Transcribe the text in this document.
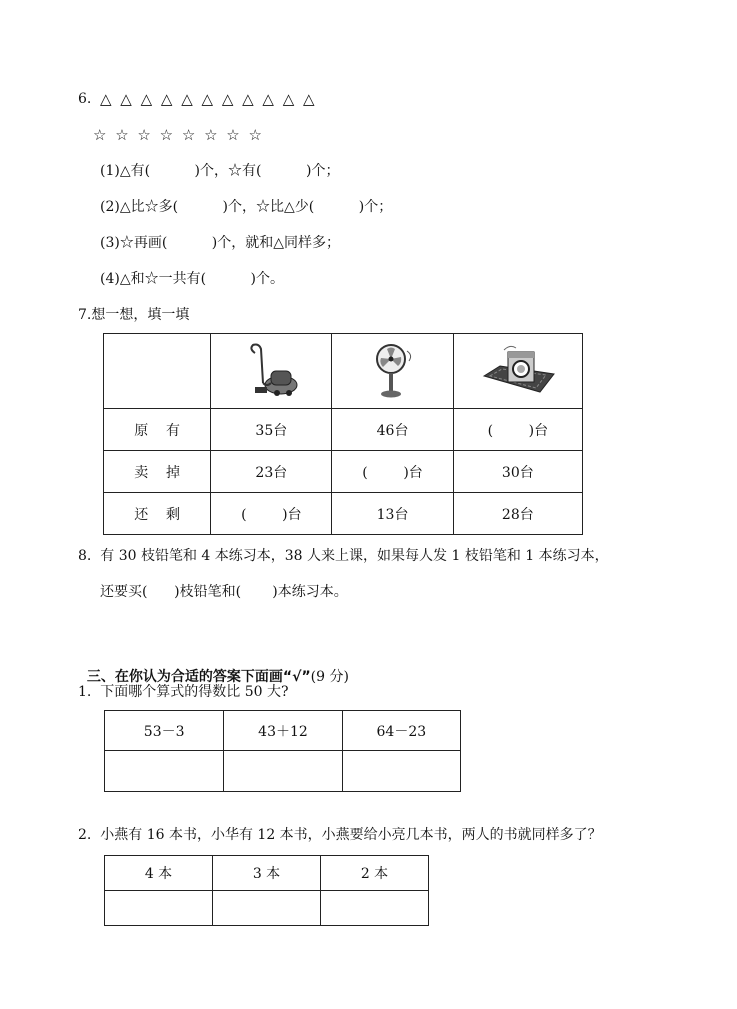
6. △ △ △ △ △ △ △ △ △ △ △
☆ ☆ ☆ ☆ ☆ ☆ ☆ ☆
(1)△有(          )个，☆有(          )个；
(2)△比☆多(          )个，☆比△少(          )个；
(3)☆再画(          )个，就和△同样多；
(4)△和☆一共有(          )个。
7.想一想，填一填

原    有	35台	46台	(        )台
卖    掉	23台	(        )台	30台
还    剩	(        )台	13台	28台
8.  有 30 枝铅笔和 4 本练习本，38 人来上课，如果每人发 1 枝铅笔和 1 本练习本，
还要买(      )枝铅笔和(       )本练习本。

三、在你认为合适的答案下面画“√”(9 分)

1.  下面哪个算式的得数比 50 大?
53－3	43＋12	64－23

2.  小燕有 16 本书，小华有 12 本书，小燕要给小亮几本书，两人的书就同样多了？
4 本	3 本	2 本
